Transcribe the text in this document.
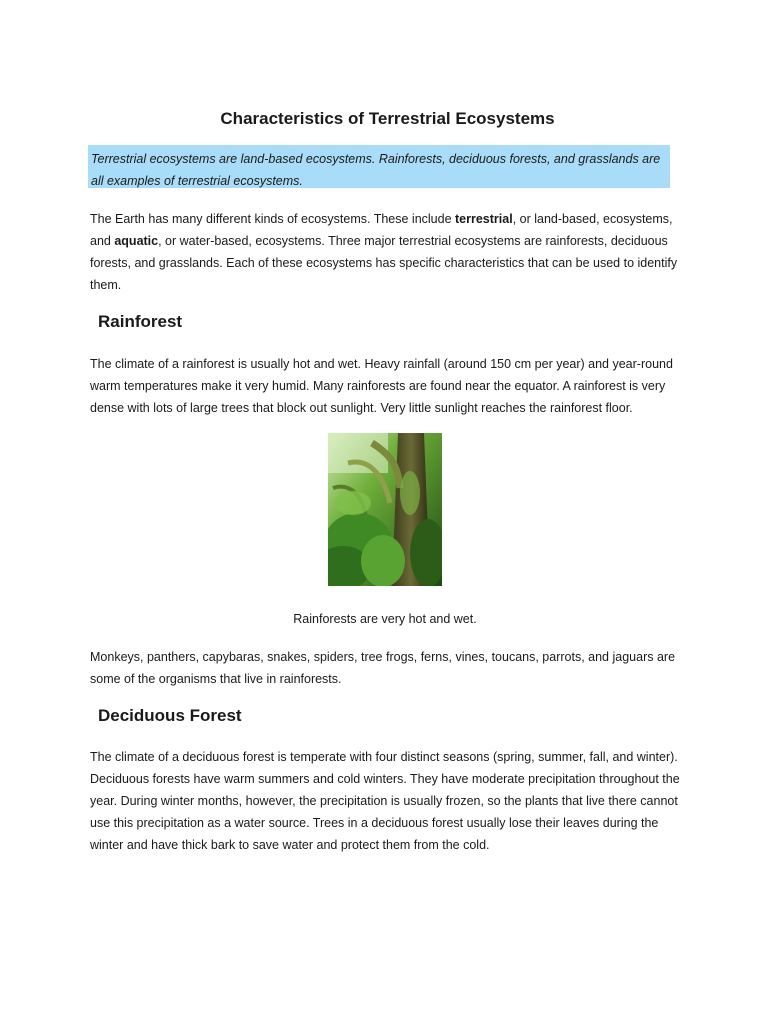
Characteristics of Terrestrial Ecosystems

Terrestrial ecosystems are land-based ecosystems. Rainforests, deciduous forests, and grasslands are all examples of terrestrial ecosystems.

The Earth has many different kinds of ecosystems. These include terrestrial, or land-based, ecosystems, and aquatic, or water-based, ecosystems. Three major terrestrial ecosystems are rainforests, deciduous forests, and grasslands. Each of these ecosystems has specific characteristics that can be used to identify them.

Rainforest

The climate of a rainforest is usually hot and wet. Heavy rainfall (around 150 cm per year) and year-round warm temperatures make it very humid. Many rainforests are found near the equator. A rainforest is very dense with lots of large trees that block out sunlight. Very little sunlight reaches the rainforest floor.

Rainforests are very hot and wet.

Monkeys, panthers, capybaras, snakes, spiders, tree frogs, ferns, vines, toucans, parrots, and jaguars are some of the organisms that live in rainforests.

Deciduous Forest

The climate of a deciduous forest is temperate with four distinct seasons (spring, summer, fall, and winter). Deciduous forests have warm summers and cold winters. They have moderate precipitation throughout the year. During winter months, however, the precipitation is usually frozen, so the plants that live there cannot use this precipitation as a water source. Trees in a deciduous forest usually lose their leaves during the winter and have thick bark to save water and protect them from the cold.
